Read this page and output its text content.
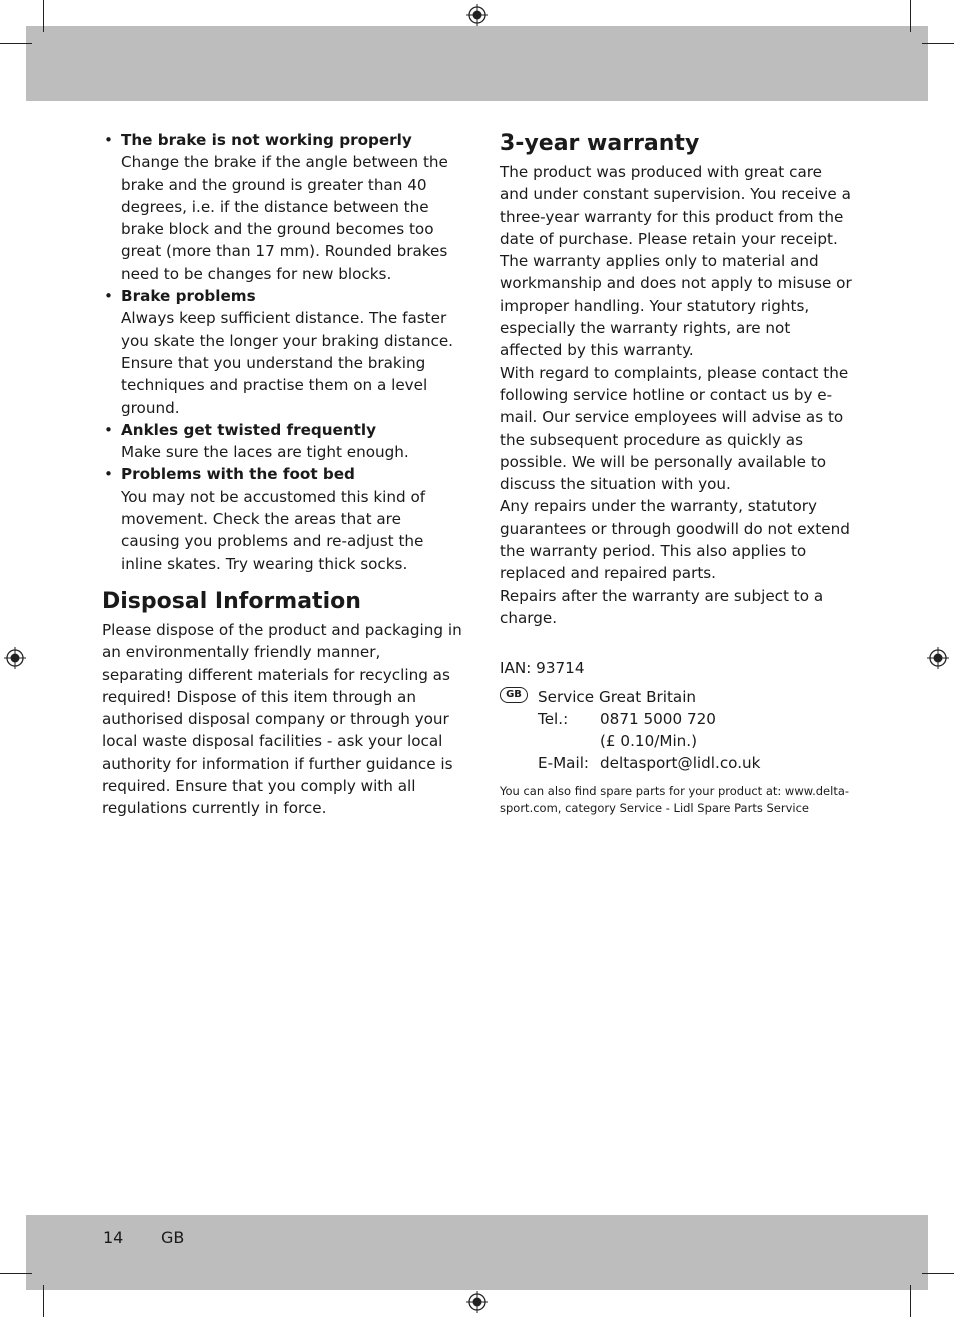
• The brake is not working properly
Change the brake if the angle between the brake and the ground is greater than 40 degrees, i.e. if the distance between the brake block and the ground becomes too great (more than 17 mm). Rounded brakes need to be changes for new blocks.
• Brake problems
Always keep sufficient distance. The faster you skate the longer your braking distance. Ensure that you understand the braking techniques and practise them on a level ground.
• Ankles get twisted frequently
Make sure the laces are tight enough.
• Problems with the foot bed
You may not be accustomed this kind of movement. Check the areas that are causing you problems and re-adjust the inline skates. Try wearing thick socks.
Disposal Information

Please dispose of the product and packaging in an environmentally friendly manner, separating different materials for recycling as required! Dispose of this item through an authorised disposal company or through your local waste disposal facilities - ask your local authority for information if further guidance is required. Ensure that you comply with all regulations currently in force.

3-year warranty

The product was produced with great care and under constant supervision. You receive a three-year warranty for this product from the date of purchase. Please retain your receipt.

The warranty applies only to material and workmanship and does not apply to misuse or improper handling. Your statutory rights, especially the warranty rights, are not affected by this warranty.

With regard to complaints, please contact the following service hotline or contact us by e-mail. Our service employees will advise as to the subsequent procedure as quickly as possible. We will be personally available to discuss the situation with you.

Any repairs under the warranty, statutory guarantees or through goodwill do not extend the warranty period. This also applies to replaced and repaired parts.

Repairs after the warranty are subject to a charge.

IAN: 93714

GB	Service Great Britain
Tel.: 0871 5000 720
(£ 0.10/Min.)
E-Mail: deltasport@lidl.co.uk

You can also find spare parts for your product at: www.delta-sport.com, category Service - Lidl Spare Parts Service

14 GB
